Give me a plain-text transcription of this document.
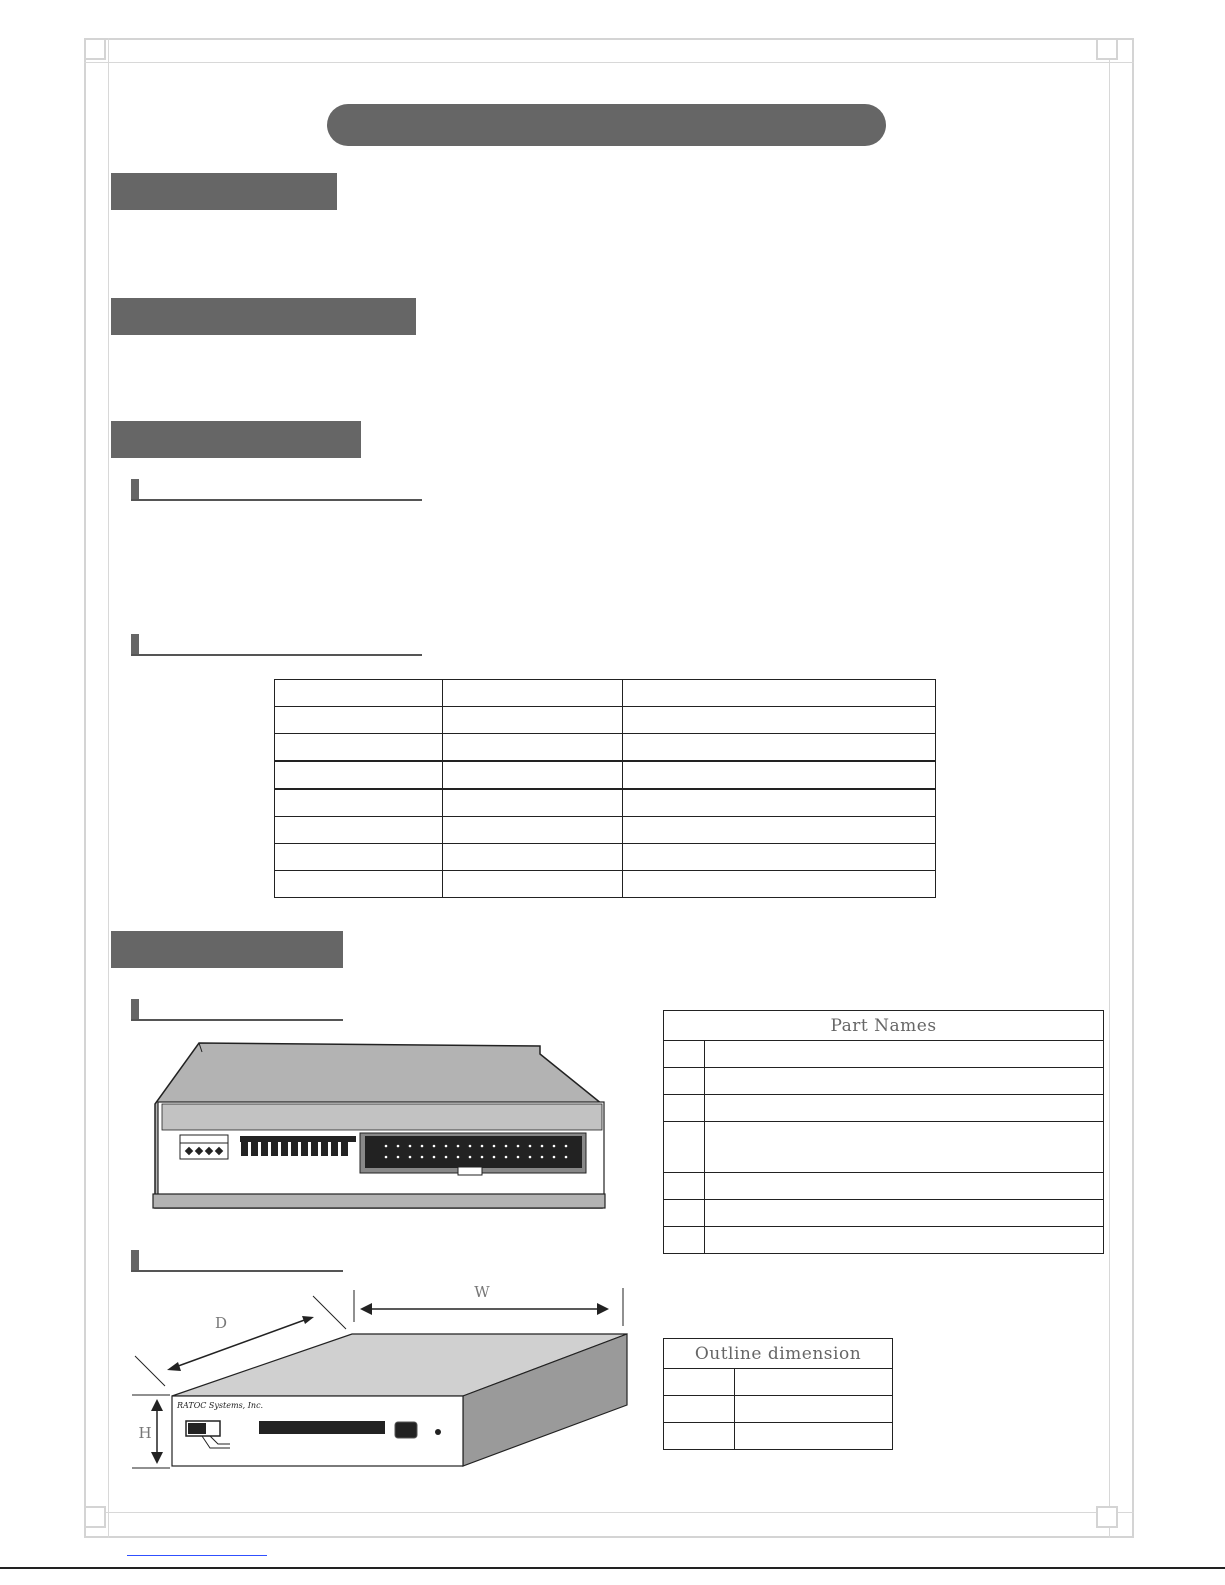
Part Names	

RATOC Systems, Inc.
W
D
H
Outline dimension	
